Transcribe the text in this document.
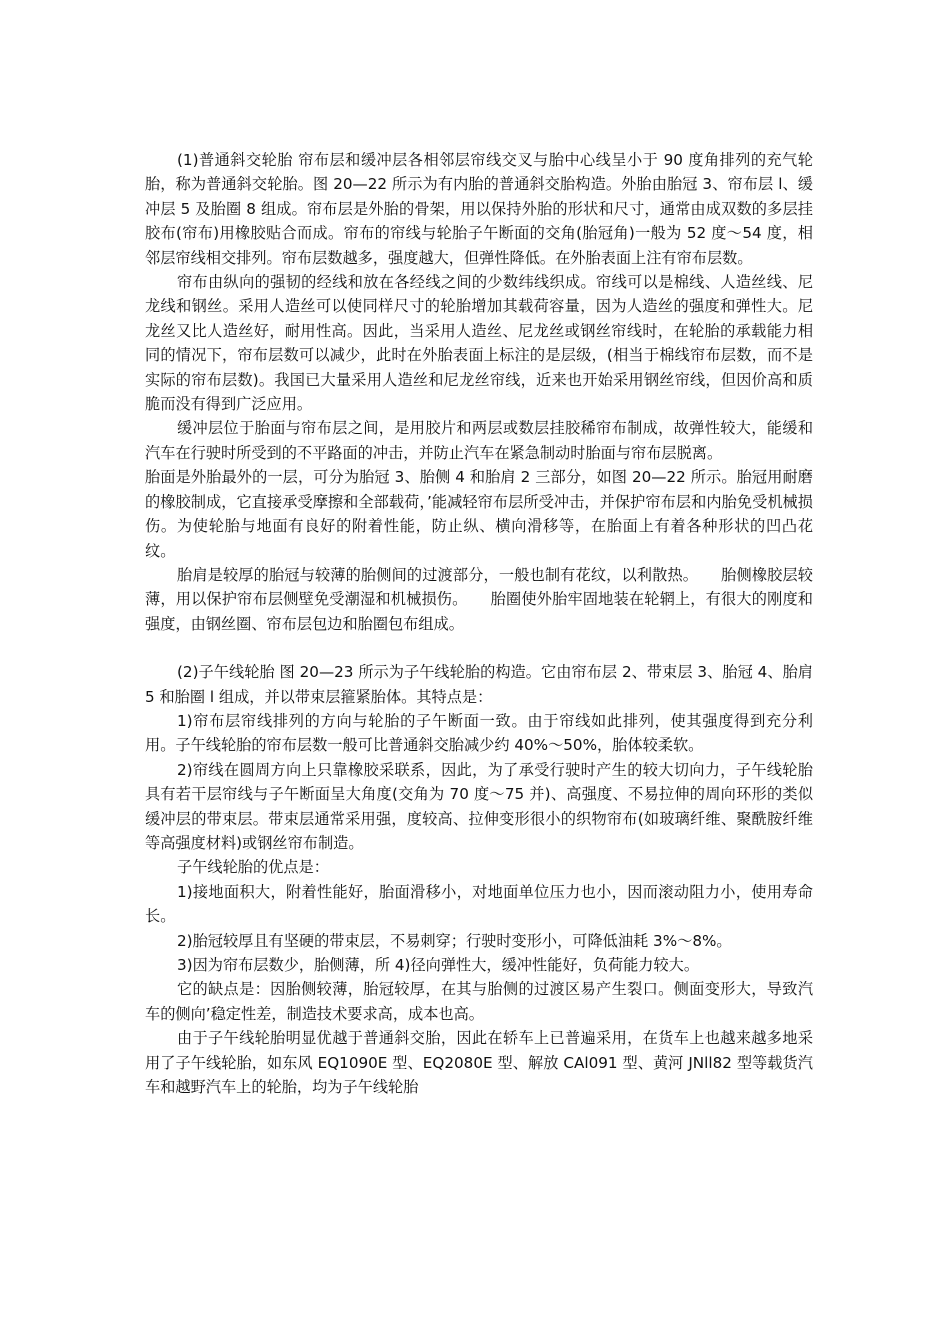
(1)普通斜交轮胎 帘布层和缓冲层各相邻层帘线交叉与胎中心线呈小于 90 度角排列的充气轮胎，称为普通斜交轮胎。图 20—22 所示为有内胎的普通斜交胎构造。外胎由胎冠 3、帘布层 l、缓冲层 5 及胎圈 8 组成。帘布层是外胎的骨架，用以保持外胎的形状和尺寸，通常由成双数的多层挂胶布(帘布)用橡胶贴合而成。帘布的帘线与轮胎子午断面的交角(胎冠角)一般为 52 度～54 度，相邻层帘线相交排列。帘布层数越多，强度越大，但弹性降低。在外胎表面上注有帘布层数。

帘布由纵向的强韧的经线和放在各经线之间的少数纬线织成。帘线可以是棉线、人造丝线、尼龙线和钢丝。采用人造丝可以使同样尺寸的轮胎增加其载荷容量，因为人造丝的强度和弹性大。尼龙丝又比人造丝好，耐用性高。因此，当采用人造丝、尼龙丝或钢丝帘线时，在轮胎的承载能力相同的情况下，帘布层数可以减少，此时在外胎表面上标注的是层级，(相当于棉线帘布层数，而不是实际的帘布层数)。我国已大量采用人造丝和尼龙丝帘线，近来也开始采用钢丝帘线，但因价高和质脆而没有得到广泛应用。

缓冲层位于胎面与帘布层之间，是用胶片和两层或数层挂胶稀帘布制成，故弹性较大，能缓和汽车在行驶时所受到的不平路面的冲击，并防止汽车在紧急制动时胎面与帘布层脱离。

胎面是外胎最外的一层，可分为胎冠 3、胎侧 4 和胎肩 2 三部分，如图 20—22 所示。胎冠用耐磨的橡胶制成，它直接承受摩擦和全部载荷，’能减轻帘布层所受冲击，并保护帘布层和内胎免受机械损伤。为使轮胎与地面有良好的附着性能，防止纵、横向滑移等，在胎面上有着各种形状的凹凸花纹。

胎肩是较厚的胎冠与较薄的胎侧间的过渡部分，一般也制有花纹，以利散热。　　胎侧橡胶层较薄，用以保护帘布层侧壁免受潮湿和机械损伤。　　胎圈使外胎牢固地装在轮辋上，有很大的刚度和强度，由钢丝圈、帘布层包边和胎圈包布组成。

(2)子午线轮胎 图 20—23 所示为子午线轮胎的构造。它由帘布层 2、带束层 3、胎冠 4、胎肩 5 和胎圈 l 组成，并以带束层箍紧胎体。其特点是：

1)帘布层帘线排列的方向与轮胎的子午断面一致。由于帘线如此排列，使其强度得到充分利用。子午线轮胎的帘布层数一般可比普通斜交胎减少约 40%～50%，胎体较柔软。

2)帘线在圆周方向上只靠橡胶采联系，因此，为了承受行驶时产生的较大切向力，子午线轮胎具有若干层帘线与子午断面呈大角度(交角为 70 度～75 并)、高强度、不易拉伸的周向环形的类似缓冲层的带束层。带束层通常采用强，度较高、拉伸变形很小的织物帘布(如玻璃纤维、聚酰胺纤维等高强度材料)或钢丝帘布制造。

子午线轮胎的优点是：

1)接地面积大，附着性能好，胎面滑移小，对地面单位压力也小，因而滚动阻力小，使用寿命长。

2)胎冠较厚且有坚硬的带束层，不易刺穿；行驶时变形小，可降低油耗 3%～8%。

3)因为帘布层数少，胎侧薄，所 4)径向弹性大，缓冲性能好，负荷能力较大。

它的缺点是：因胎侧较薄，胎冠较厚，在其与胎侧的过渡区易产生裂口。侧面变形大，导致汽车的侧向’稳定性差，制造技术要求高，成本也高。

由于子午线轮胎明显优越于普通斜交胎，因此在轿车上已普遍采用，在货车上也越来越多地采用了子午线轮胎，如东风 EQ1090E 型、EQ2080E 型、解放 CAl091 型、黄河 JNll82 型等载货汽车和越野汽车上的轮胎，均为子午线轮胎
